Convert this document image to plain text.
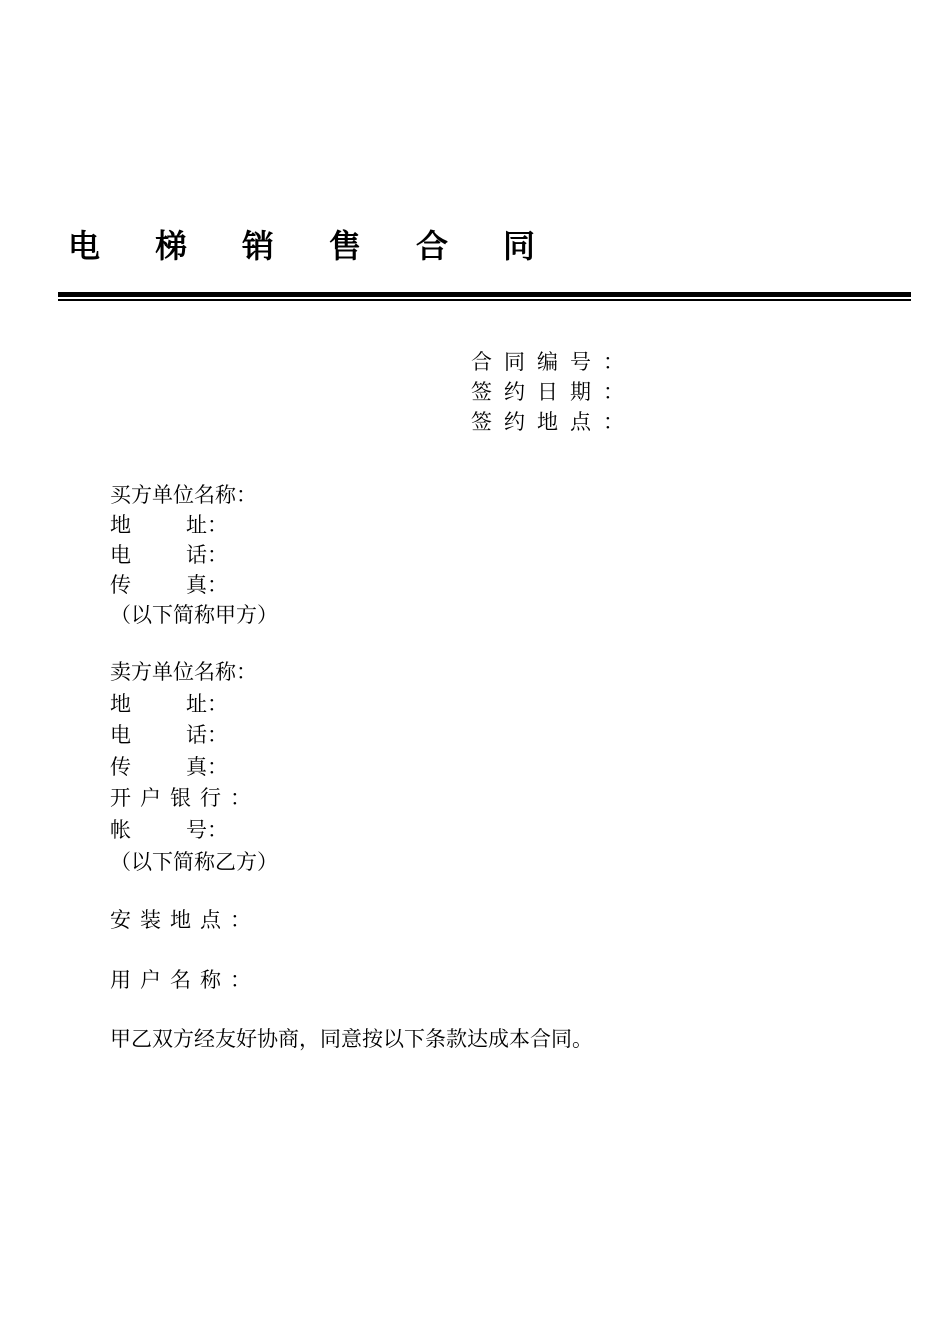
电梯销售合同
合同编号：
签约日期：
签约地点：
买方单位名称：
地	址：
电	话：
传	真：
（以下简称甲方）
卖方单位名称：
地	址：
电	话：
传	真：
开户银行：
帐	号：
（以下简称乙方）
安装地点：
用户名称：
甲乙双方经友好协商，同意按以下条款达成本合同。
